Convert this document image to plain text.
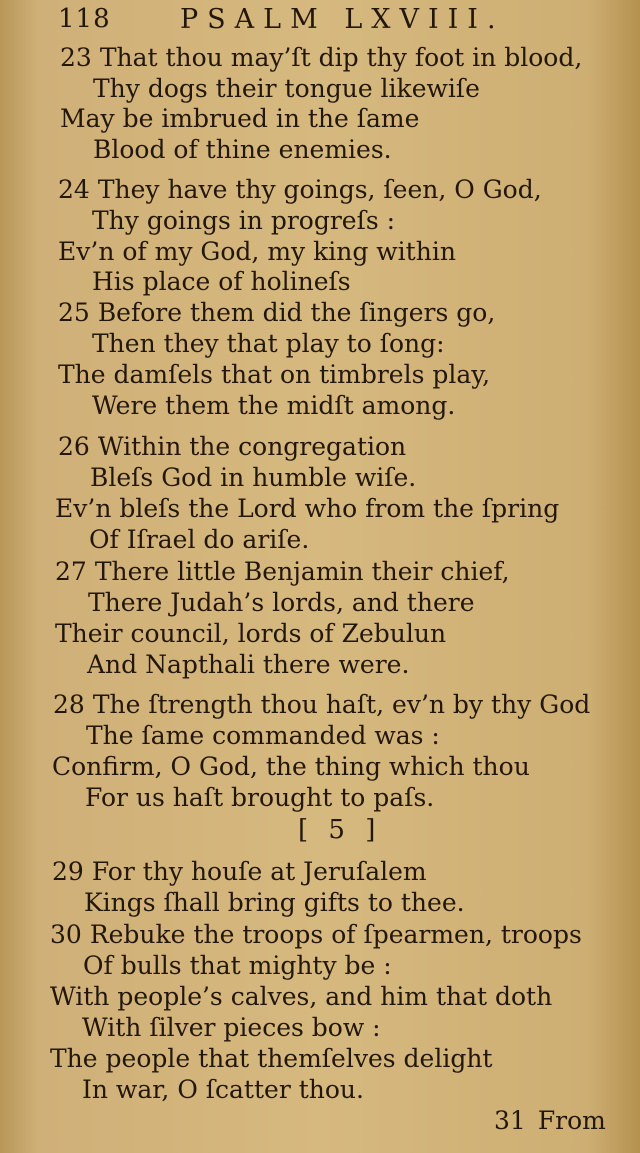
118	PSALM LXVIII.
23 That thou may’ſt dip thy foot in blood,
Thy dogs their tongue likewiſe
May be imbrued in the ſame
Blood of thine enemies.
24 They have thy goings, ſeen, O God,
Thy goings in progreſs :
Ev’n of my God, my king within
His place of holineſs
25 Before them did the ſingers go,
Then they that play to ſong:
The damſels that on timbrels play,
Were them the midſt among.
26 Within the congregation
Bleſs God in humble wiſe.
Ev’n bleſs the Lord who from the ſpring
Of Iſrael do ariſe.
27 There little Benjamin their chief,
There Judah’s lords, and there
Their council, lords of Zebulun
And Napthali there were.
28 The ſtrength thou haſt, ev’n by thy God
The ſame commanded was :
Confirm, O God, the thing which thou
For us haſt brought to paſs.
[ 5 ]
29 For thy houſe at Jeruſalem
Kings ſhall bring gifts to thee.
30 Rebuke the troops of ſpearmen, troops
Of bulls that mighty be :
With people’s calves, and him that doth
With ſilver pieces bow :
The people that themſelves delight
In war, O ſcatter thou.
31 From
